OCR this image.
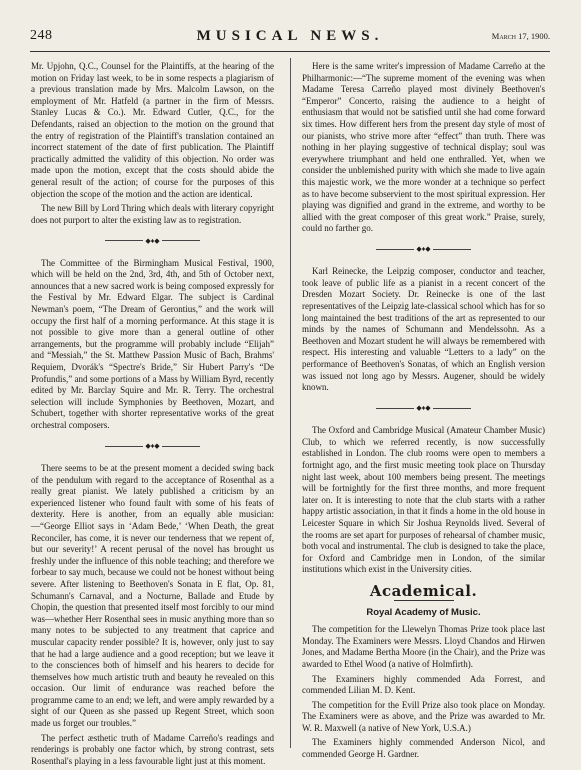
248	MUSICAL NEWS.	March 17, 1900.

Mr. Upjohn, Q.C., Counsel for the Plaintiffs, at the hearing of the motion on Friday last week, to be in some respects a plagiarism of a previous translation made by Mrs. Malcolm Lawson, on the employment of Mr. Hatfeld (a partner in the firm of Messrs. Stanley Lucas & Co.). Mr. Edward Cutler, Q.C., for the Defendants, raised an objection to the motion on the ground that the entry of registration of the Plaintiff's translation contained an incorrect statement of the date of first publication. The Plaintiff practically admitted the validity of this objection. No order was made upon the motion, except that the costs should abide the general result of the action; of course for the purposes of this objection the scope of the motion and the action are identical.

The new Bill by Lord Thring which deals with literary copyright does not purport to alter the existing law as to registration.

◆♦◆

The Committee of the Birmingham Musical Festival, 1900, which will be held on the 2nd, 3rd, 4th, and 5th of October next, announces that a new sacred work is being composed expressly for the Festival by Mr. Edward Elgar. The subject is Cardinal Newman's poem, “The Dream of Gerontius,” and the work will occupy the first half of a morning performance. At this stage it is not possible to give more than a general outline of other arrangements, but the programme will probably include “Elijah” and “Messiah,” the St. Matthew Passion Music of Bach, Brahms' Requiem, Dvorák's “Spectre's Bride,” Sir Hubert Parry's “De Profundis,” and some portions of a Mass by William Byrd, recently edited by Mr. Barclay Squire and Mr. R. Terry. The orchestral selection will include Symphonies by Beethoven, Mozart, and Schubert, together with shorter representative works of the great orchestral composers.

◆♦◆

There seems to be at the present moment a decided swing back of the pendulum with regard to the acceptance of Rosenthal as a really great pianist. We lately published a criticism by an experienced listener who found fault with some of his feats of dexterity. Here is another, from an equally able musician:—“George Elliot says in ‘Adam Bede,’ ‘When Death, the great Reconciler, has come, it is never our tenderness that we repent of, but our severity!’ A recent perusal of the novel has brought us freshly under the influence of this noble teaching; and therefore we forbear to say much, because we could not be honest without being severe. After listening to Beethoven's Sonata in E flat, Op. 81, Schumann's Carnaval, and a Nocturne, Ballade and Etude by Chopin, the question that presented itself most forcibly to our mind was—whether Herr Rosenthal sees in music anything more than so many notes to be subjected to any treatment that caprice and muscular capacity render possible? It is, however, only just to say that he had a large audience and a good reception; but we leave it to the consciences both of himself and his hearers to decide for themselves how much artistic truth and beauty he revealed on this occasion. Our limit of endurance was reached before the programme came to an end; we left, and were amply rewarded by a sight of our Queen as she passed up Regent Street, which soon made us forget our troubles.”

The perfect æsthetic truth of Madame Carreño's readings and renderings is probably one factor which, by strong contrast, sets Rosenthal's playing in a less favourable light just at this moment.

Here is the same writer's impression of Madame Carreño at the Philharmonic:—“The supreme moment of the evening was when Madame Teresa Carreño played most divinely Beethoven's “Emperor” Concerto, raising the audience to a height of enthusiasm that would not be satisfied until she had come forward six times. How different hers from the present day style of most of our pianists, who strive more after “effect” than truth. There was nothing in her playing suggestive of technical display; soul was everywhere triumphant and held one enthralled. Yet, when we consider the unblemished purity with which she made to live again this majestic work, we the more wonder at a technique so perfect as to have become subservient to the most spiritual expression. Her playing was dignified and grand in the extreme, and worthy to be allied with the great composer of this great work.” Praise, surely, could no farther go.

◆♦◆

Karl Reinecke, the Leipzig composer, conductor and teacher, took leave of public life as a pianist in a recent concert of the Dresden Mozart Society. Dr. Reinecke is one of the last representatives of the Leipzig late-classical school which has for so long maintained the best traditions of the art as represented to our minds by the names of Schumann and Mendelssohn. As a Beethoven and Mozart student he will always be remembered with respect. His interesting and valuable “Letters to a lady” on the performance of Beethoven's Sonatas, of which an English version was issued not long ago by Messrs. Augener, should be widely known.

◆♦◆

The Oxford and Cambridge Musical (Amateur Chamber Music) Club, to which we referred recently, is now successfully established in London. The club rooms were open to members a fortnight ago, and the first music meeting took place on Thursday night last week, about 100 members being present. The meetings will be fortnightly for the first three months, and more frequent later on. It is interesting to note that the club starts with a rather happy artistic association, in that it finds a home in the old house in Leicester Square in which Sir Joshua Reynolds lived. Several of the rooms are set apart for purposes of rehearsal of chamber music, both vocal and instrumental. The club is designed to take the place, for Oxford and Cambridge men in London, of the similar institutions which exist in the University cities.

Academical.
Royal Academy of Music.

The competition for the Llewelyn Thomas Prize took place last Monday. The Examiners were Messrs. Lloyd Chandos and Hirwen Jones, and Madame Bertha Moore (in the Chair), and the Prize was awarded to Ethel Wood (a native of Holmfirth).

The Examiners highly commended Ada Forrest, and commended Lilian M. D. Kent.

The competition for the Evill Prize also took place on Monday. The Examiners were as above, and the Prize was awarded to Mr. W. R. Maxwell (a native of New York, U.S.A.)

The Examiners highly commended Anderson Nicol, and commended George H. Gardner.
